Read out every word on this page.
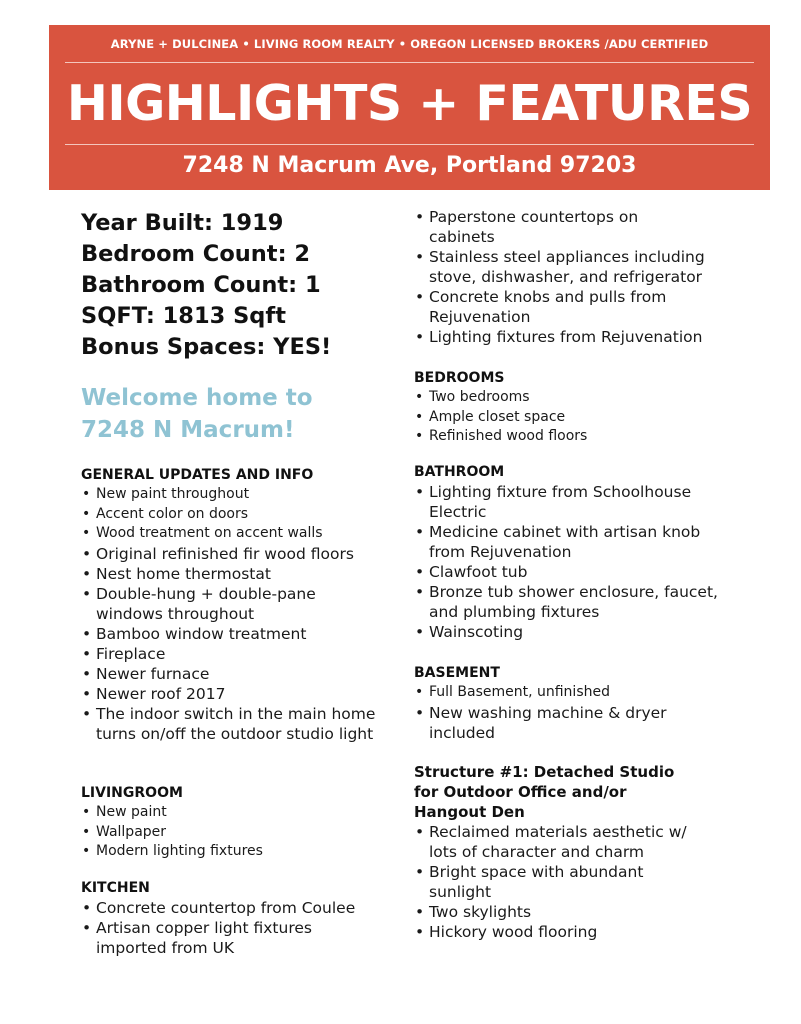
ARYNE + DULCINEA • LIVING ROOM REALTY • OREGON LICENSED BROKERS /ADU CERTIFIED
HIGHLIGHTS + FEATURES
7248 N Macrum Ave, Portland 97203
Year Built: 1919
Bedroom Count: 2
Bathroom Count: 1
SQFT: 1813 Sqft
Bonus Spaces: YES!
Welcome home to
7248 N Macrum!
GENERAL UPDATES AND INFO
• New paint throughout
• Accent color on doors
• Wood treatment on accent walls
• Original refinished fir wood floors
• Nest home thermostat
• Double-hung + double-pane windows throughout
• Bamboo window treatment
• Fireplace
• Newer furnace
• Newer roof 2017
• The indoor switch in the main home turns on/off the outdoor studio light
LIVINGROOM
• New paint
• Wallpaper
• Modern lighting fixtures
KITCHEN
• Concrete countertop from Coulee
• Artisan copper light fixtures imported from UK
• Paperstone countertops on cabinets
• Stainless steel appliances including stove, dishwasher, and refrigerator
• Concrete knobs and pulls from Rejuvenation
• Lighting fixtures from Rejuvenation
BEDROOMS
• Two bedrooms
• Ample closet space
• Refinished wood floors
BATHROOM
• Lighting fixture from Schoolhouse Electric
• Medicine cabinet with artisan knob from Rejuvenation
• Clawfoot tub
• Bronze tub shower enclosure, faucet, and plumbing fixtures
• Wainscoting
BASEMENT
• Full Basement, unfinished
• New washing machine & dryer included
Structure #1: Detached Studio for Outdoor Office and/or Hangout Den
• Reclaimed materials aesthetic w/ lots of character and charm
• Bright space with abundant sunlight
• Two skylights
• Hickory wood flooring
